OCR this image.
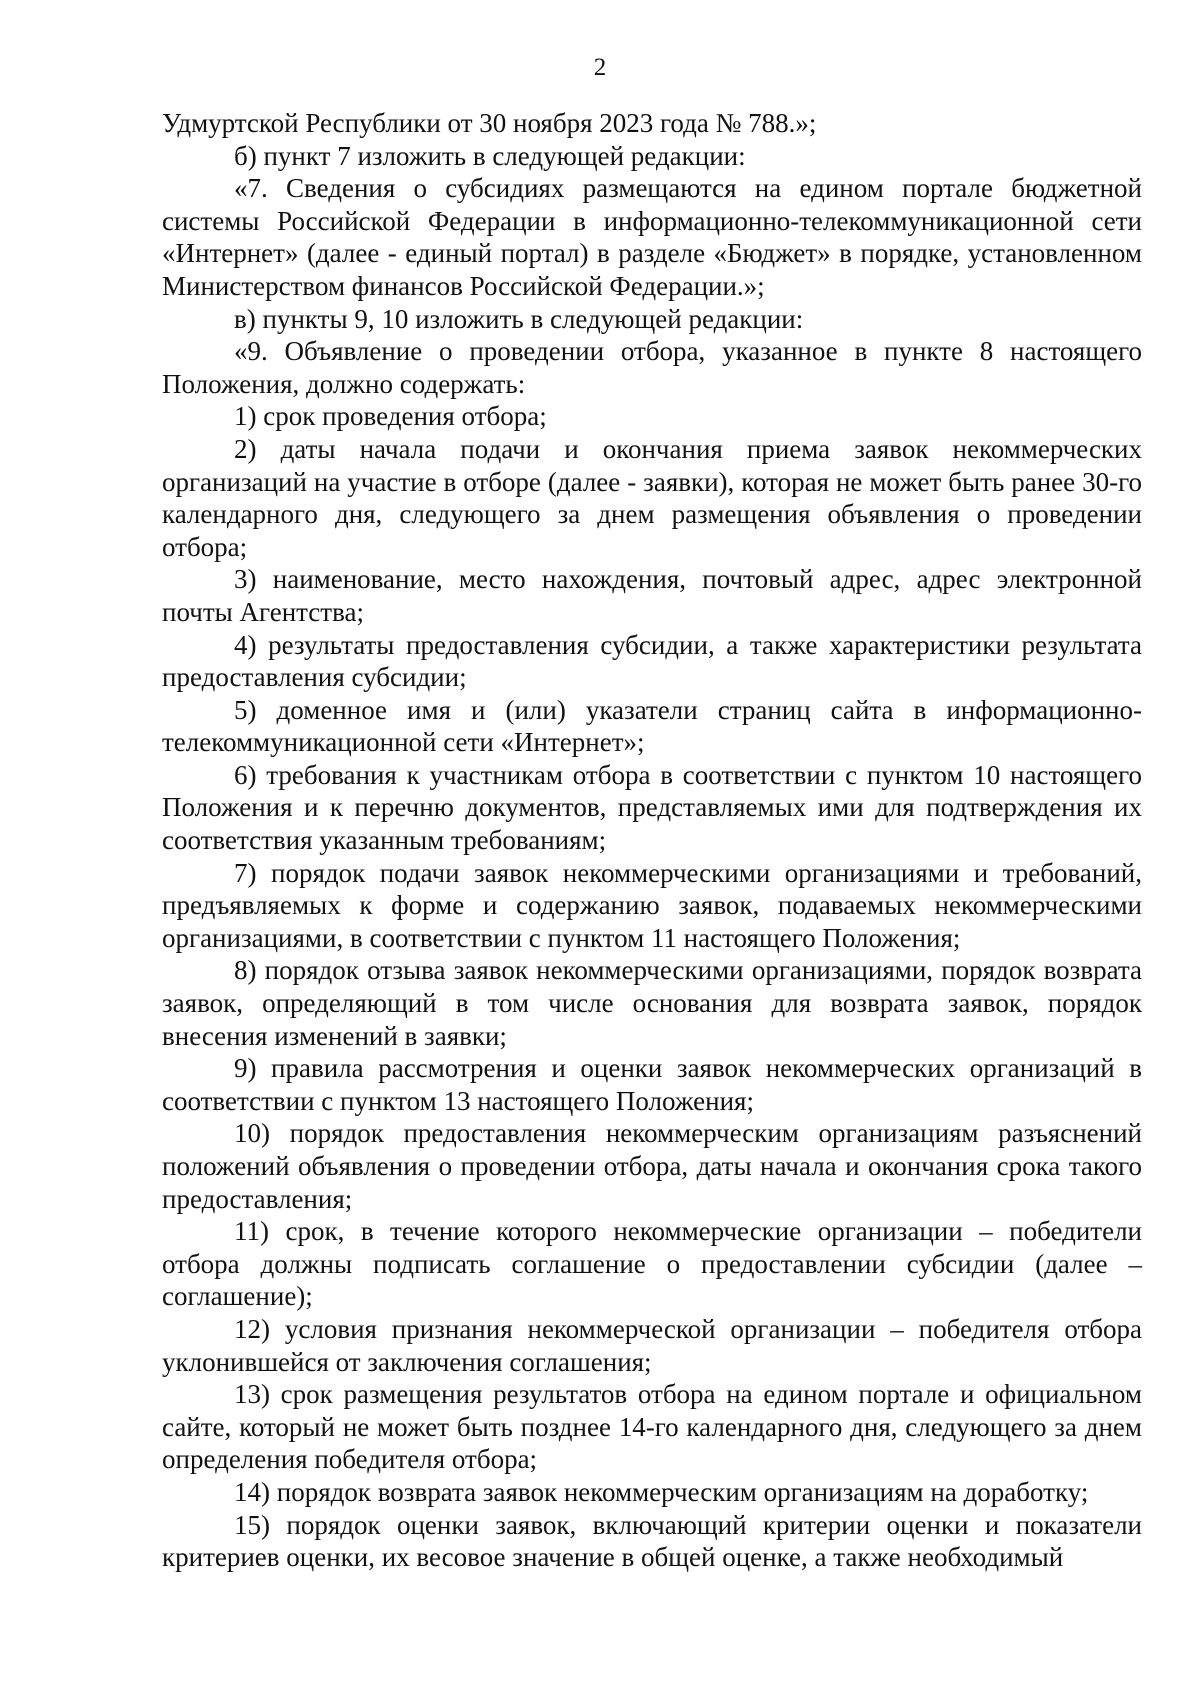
2

Удмуртской Республики от 30 ноября 2023 года № 788.»;

б) пункт 7 изложить в следующей редакции:

«7. Сведения о субсидиях размещаются на едином портале бюджетной системы Российской Федерации в информационно-телекоммуникационной сети «Интернет» (далее - единый портал) в разделе «Бюджет» в порядке, установленном Министерством финансов Российской Федерации.»;

в) пункты 9, 10 изложить в следующей редакции:

«9. Объявление о проведении отбора, указанное в пункте 8 настоящего Положения, должно содержать:

1) срок проведения отбора;

2) даты начала подачи и окончания приема заявок некоммерческих организаций на участие в отборе (далее - заявки), которая не может быть ранее 30-го календарного дня, следующего за днем размещения объявления о проведении отбора;

3) наименование, место нахождения, почтовый адрес, адрес электронной почты Агентства;

4) результаты предоставления субсидии, а также характеристики результата предоставления субсидии;

5) доменное имя и (или) указатели страниц сайта в информационно-телекоммуникационной сети «Интернет»;

6) требования к участникам отбора в соответствии с пунктом 10 настоящего Положения и к перечню документов, представляемых ими для подтверждения их соответствия указанным требованиям;

7) порядок подачи заявок некоммерческими организациями и требований, предъявляемых к форме и содержанию заявок, подаваемых некоммерческими организациями, в соответствии с пунктом 11 настоящего Положения;

8) порядок отзыва заявок некоммерческими организациями, порядок возврата заявок, определяющий в том числе основания для возврата заявок, порядок внесения изменений в заявки;

9) правила рассмотрения и оценки заявок некоммерческих организаций в соответствии с пунктом 13 настоящего Положения;

10) порядок предоставления некоммерческим организациям разъяснений положений объявления о проведении отбора, даты начала и окончания срока такого предоставления;

11) срок, в течение которого некоммерческие организации – победители отбора должны подписать соглашение о предоставлении субсидии (далее – соглашение);

12) условия признания некоммерческой организации – победителя отбора уклонившейся от заключения соглашения;

13) срок размещения результатов отбора на едином портале и официальном сайте, который не может быть позднее 14-го календарного дня, следующего за днем определения победителя отбора;

14) порядок возврата заявок некоммерческим организациям на доработку;

15) порядок оценки заявок, включающий критерии оценки и показатели критериев оценки, их весовое значение в общей оценке, а также необходимый
